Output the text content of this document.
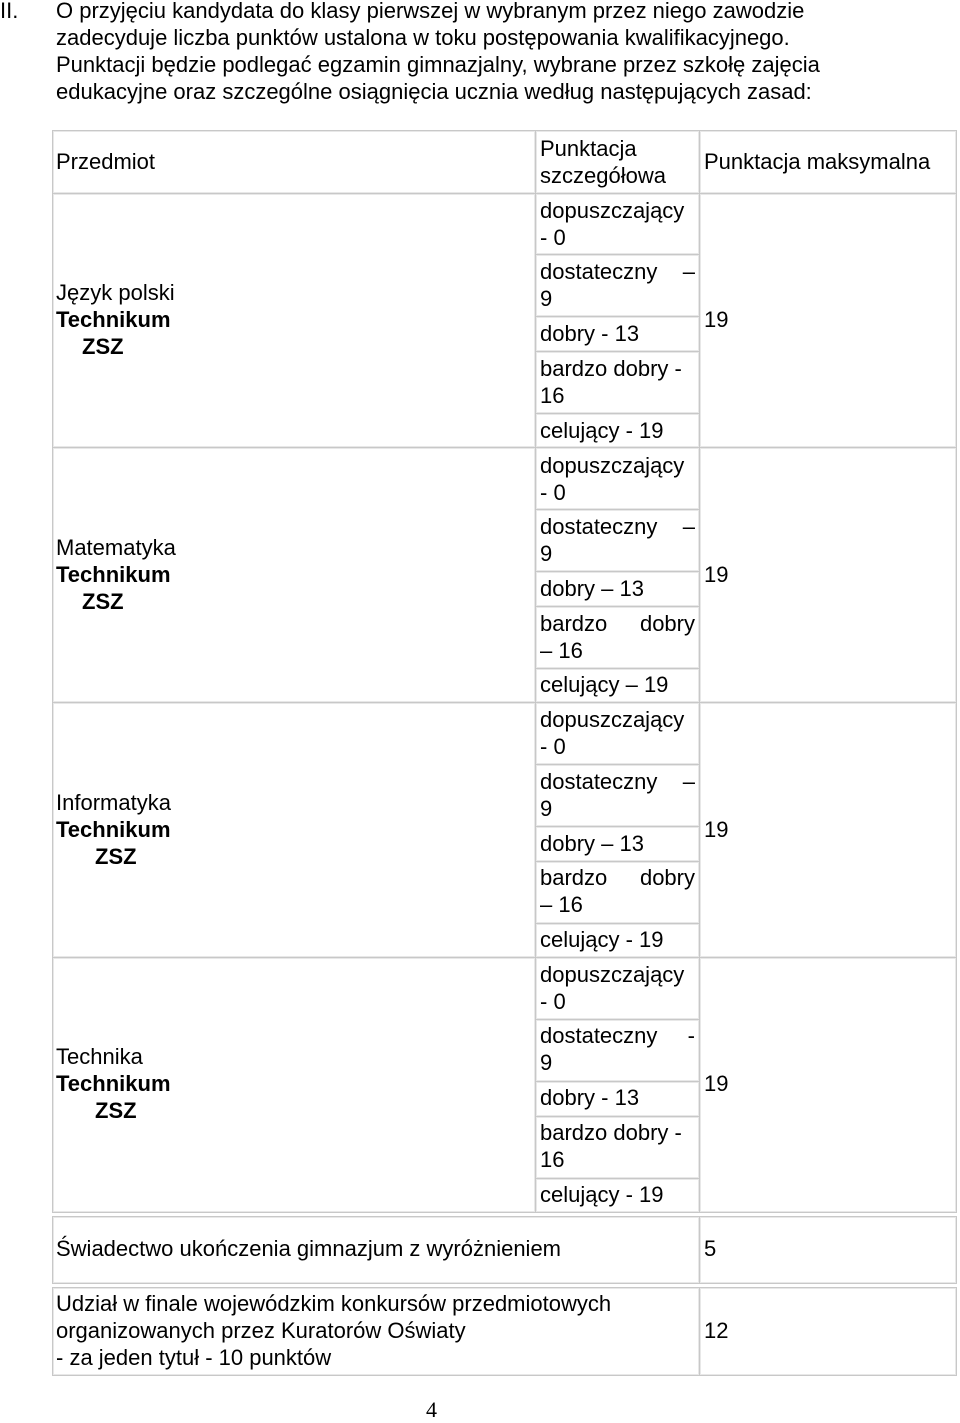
II. O przyjęciu kandydata do klasy pierwszej w wybranym przez niego zawodzie
zadecyduje liczba punktów ustalona w toku postępowania kwalifikacyjnego.
Punktacji będzie podlegać egzamin gimnazjalny, wybrane przez szkołę zajęcia
edukacyjne oraz szczególne osiągnięcia ucznia według następujących zasad:
Przedmiot
Punktacja
szczegółowa
Punktacja maksymalna
Język polski
Technikum
ZSZ
dopuszczający
- 0
dostateczny –
9
dobry - 13
bardzo dobry -
16
celujący - 19
19
Matematyka
Technikum
ZSZ
dopuszczający
- 0
dostateczny –
9
dobry – 13
bardzo dobry
– 16
celujący – 19
19
Informatyka
Technikum
ZSZ
dopuszczający
- 0
dostateczny –
9
dobry – 13
bardzo dobry
– 16
celujący - 19
19
Technika
Technikum
ZSZ
dopuszczający
- 0
dostateczny -
9
dobry - 13
bardzo dobry -
16
celujący - 19
19
Świadectwo ukończenia gimnazjum z wyróżnieniem	5
Udział w finale wojewódzkim konkursów przedmiotowych
organizowanych przez Kuratorów Oświaty
- za jeden tytuł - 10 punktów
12
4
